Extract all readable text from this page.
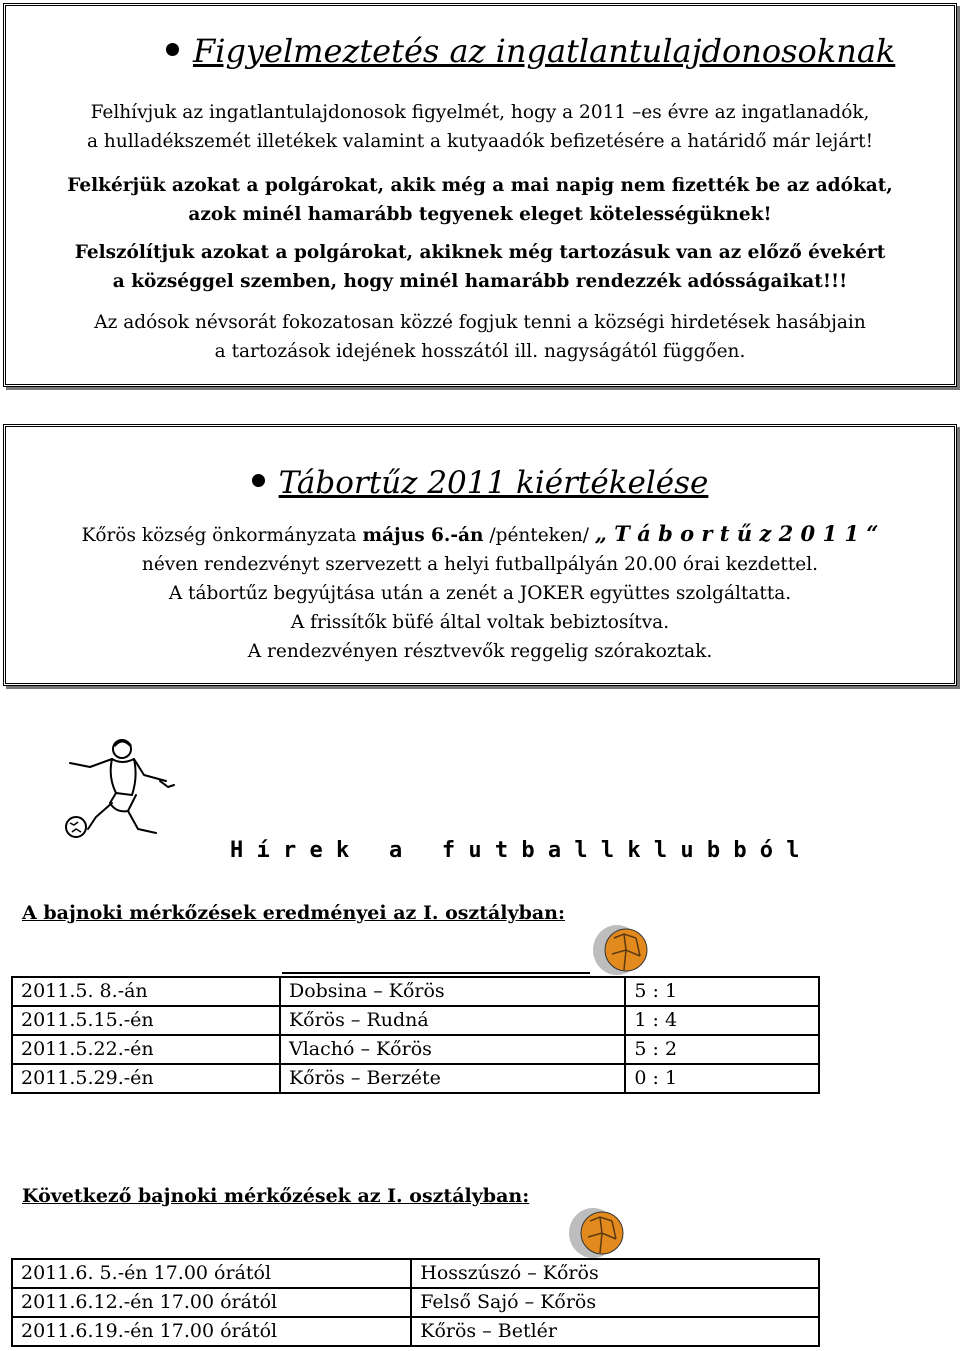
Figyelmeztetés az ingatlantulajdonosoknak
Felhívjuk az ingatlantulajdonosok figyelmét, hogy a 2011 –es évre az ingatlanadók,
a hulladékszemét illetékek valamint a kutyaadók befizetésére a határidő már lejárt!
Felkérjük azokat a polgárokat, akik még a mai napig nem fizették be az adókat,
azok minél hamarább tegyenek eleget kötelességüknek!
Felszólítjuk azokat a polgárokat, akiknek még tartozásuk van az előző évekért
a községgel szemben, hogy minél hamarább rendezzék adósságaikat!!!
Az adósok névsorát fokozatosan közzé fogjuk tenni a községi hirdetések hasábjain
a tartozások idejének hosszától ill. nagyságától függően.
Tábortűz 2011 kiértékelése
Kőrös község önkormányzata május 6.-án /pénteken/ „ T á b o r t ű z 2 0 1 1 “
néven rendezvényt szervezett a helyi futballpályán 20.00 órai kezdettel.
A tábortűz begyújtása után a zenét a JOKER együttes szolgáltatta.
A frissítők büfé által voltak bebiztosítva.
A rendezvényen résztvevők reggelig szórakoztak.
H í r e k   a   f u t b a l l k l u b b ó l
A bajnoki mérkőzések eredményei az I. osztályban:
2011.5. 8.-án	Dobsina – Kőrös	5 : 1
2011.5.15.-én	Kőrös – Rudná	1 : 4
2011.5.22.-én	Vlachó – Kőrös	5 : 2
2011.5.29.-én	Kőrös – Berzéte	0 : 1
Következő bajnoki mérkőzések az I. osztályban:
2011.6. 5.-én 17.00 órától	Hosszúszó – Kőrös
2011.6.12.-én 17.00 órától	Felső Sajó – Kőrös
2011.6.19.-én 17.00 órától	Kőrös – Betlér
